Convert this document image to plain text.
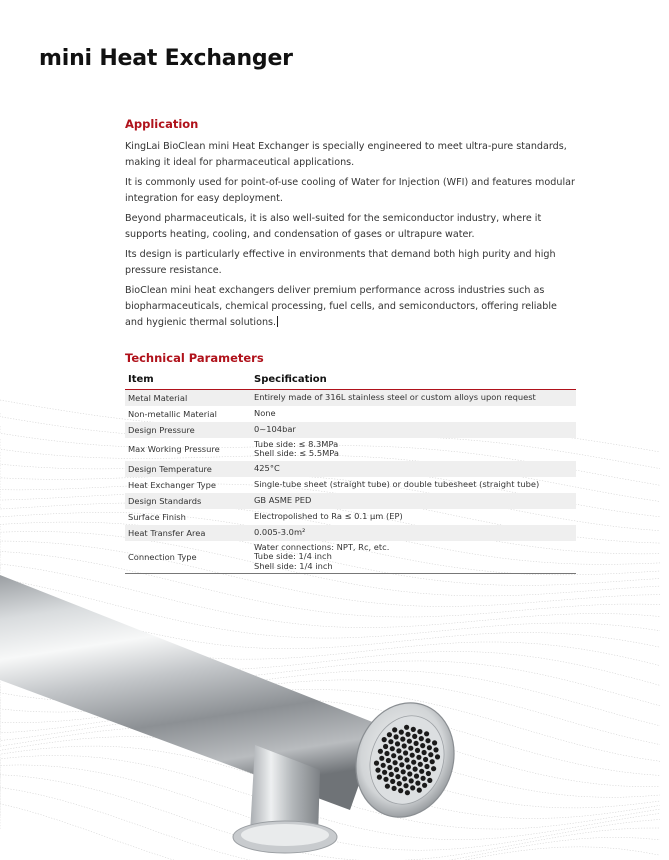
mini Heat Exchanger
Application

KingLai BioClean mini Heat Exchanger is specially engineered to meet ultra-pure standards, making it ideal for pharmaceutical applications.

It is commonly used for point-of-use cooling of Water for Injection (WFI) and features modular integration for easy deployment.

Beyond pharmaceuticals, it is also well-suited for the semiconductor industry, where it supports heating, cooling, and condensation of gases or ultrapure water.

Its design is particularly effective in environments that demand both high purity and high pressure resistance.

BioClean mini heat exchangers deliver premium performance across industries such as biopharmaceuticals, chemical processing, fuel cells, and semiconductors, offering reliable and hygienic thermal solutions.

Technical Parameters
Item	Specification
Metal Material	Entirely made of 316L stainless steel or custom alloys upon request

Non-metallic Material	None

Design Pressure	0~104bar

Max Working Pressure	Tube side: ≤ 8.3MPa
Shell side: ≤ 5.5MPa

Design Temperature	425°C

Heat Exchanger Type	Single-tube sheet (straight tube) or double tubesheet (straight tube)

Design Standards	GB ASME PED

Surface Finish	Electropolished to Ra ≤ 0.1 μm (EP)

Heat Transfer Area	0.005-3.0m²

Connection Type	Water connections: NPT, Rc, etc.
Tube side: 1/4 inch
Shell side: 1/4 inch
